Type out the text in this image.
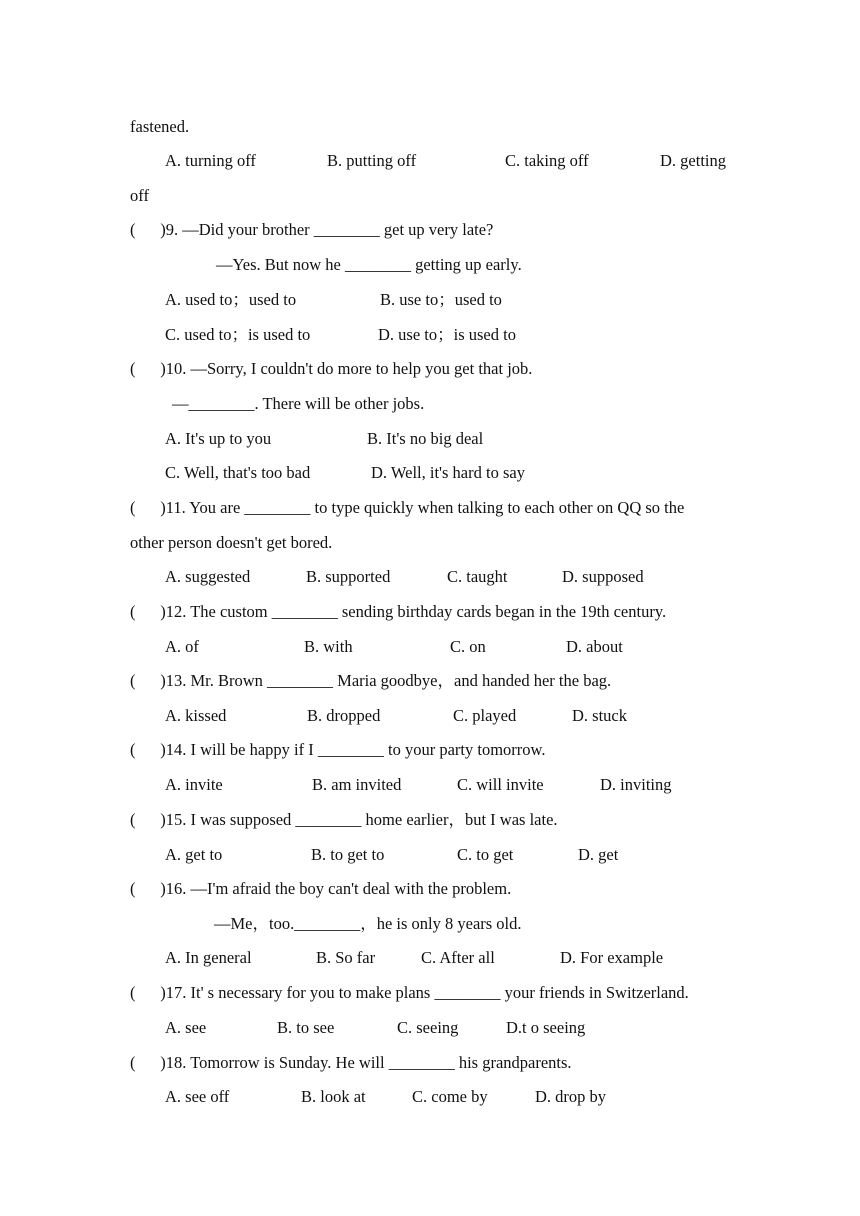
fastened.
A. turning off	B. putting off	C. taking off	D. getting
off
(      )9. —Did your brother ________ get up very late?
—Yes. But now he ________ getting up early.
A. used to；used to	B. use to；used to
C. used to；is used to	D. use to；is used to
(      )10. —Sorry, I couldn't do more to help you get that job.
—________. There will be other jobs.
A. It's up to you	B. It's no big deal
C. Well, that's too bad	D. Well, it's hard to say
(      )11. You are ________ to type quickly when talking to each other on QQ so the
other person doesn't get bored.
A. suggested	B. supported	C. taught	D. supposed
(      )12. The custom ________ sending birthday cards began in the 19th century.
A. of	B. with	C. on	D. about
(      )13. Mr. Brown ________ Maria goodbye，and handed her the bag.
A. kissed	B. dropped	C. played	D. stuck
(      )14. I will be happy if I ________ to your party tomorrow.
A. invite	B. am invited	C. will invite	D. inviting
(      )15. I was supposed ________ home earlier，but I was late.
A. get to	B. to get to	C. to get	D. get
(      )16. —I'm afraid the boy can't deal with the problem.
—Me，too.________，he is only 8 years old.
A. In general	B. So far	C. After all	D. For example
(      )17. It' s necessary for you to make plans ________ your friends in Switzerland.
A. see	B. to see	C. seeing	D.t o seeing
(      )18. Tomorrow is Sunday. He will ________ his grandparents.
A. see off	B. look at	C. come by	D. drop by
